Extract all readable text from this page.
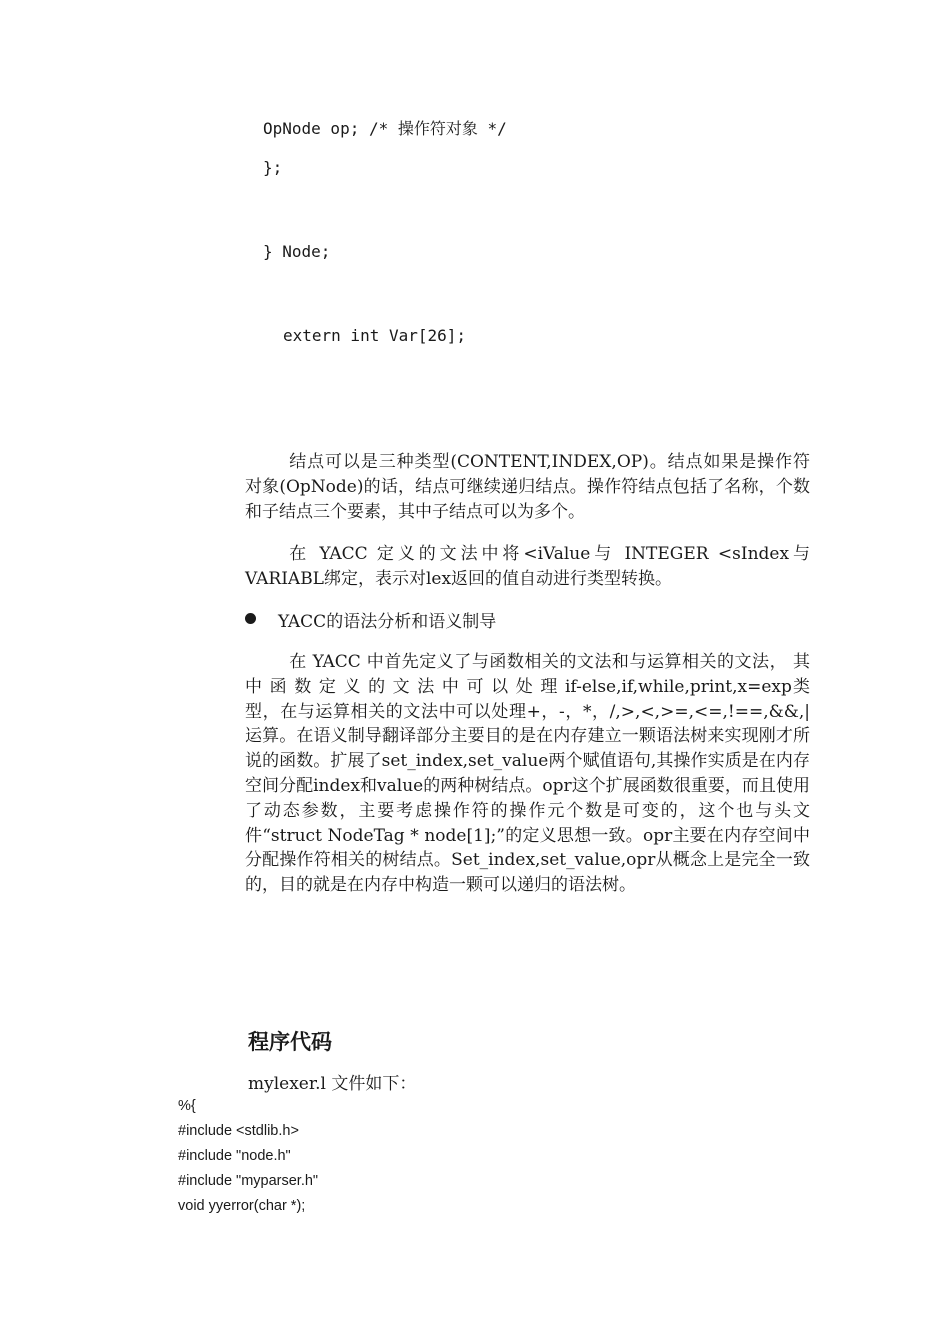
OpNode op; /* 操作符对象 */
};
} Node;
extern int Var[26];
结点可以是三种类型(CONTENT,INDEX,OP)。结点如果是操作符对象(OpNode)的话，结点可继续递归结点。操作符结点包括了名称，个数和子结点三个要素，其中子结点可以为多个。
在 YACC 定义的文法中将<iValue与 INTEGER <sIndex与 VARIABL绑定，表示对lex返回的值自动进行类型转换。
YACC的语法分析和语义制导
在 YACC 中首先定义了与函数相关的文法和与运算相关的文法， 其 中 函 数 定 义 的 文 法 中 可 以 处 理 if-else,if,while,print,x=exp类型，在与运算相关的文法中可以处理+，-，*，/,>,<,>=,<=,!==,&&,|运算。在语义制导翻译部分主要目的是在内存建立一颗语法树来实现刚才所说的函数。扩展了set_index,set_value两个赋值语句,其操作实质是在内存空间分配index和value的两种树结点。opr这个扩展函数很重要，而且使用了动态参数，主要考虑操作符的操作元个数是可变的，这个也与头文件“struct NodeTag * node[1];”的定义思想一致。opr主要在内存空间中分配操作符相关的树结点。Set_index,set_value,opr从概念上是完全一致的，目的就是在内存中构造一颗可以递归的语法树。
程序代码
mylexer.l 文件如下：
%{
#include <stdlib.h>
#include "node.h"
#include "myparser.h"
void yyerror(char *);
